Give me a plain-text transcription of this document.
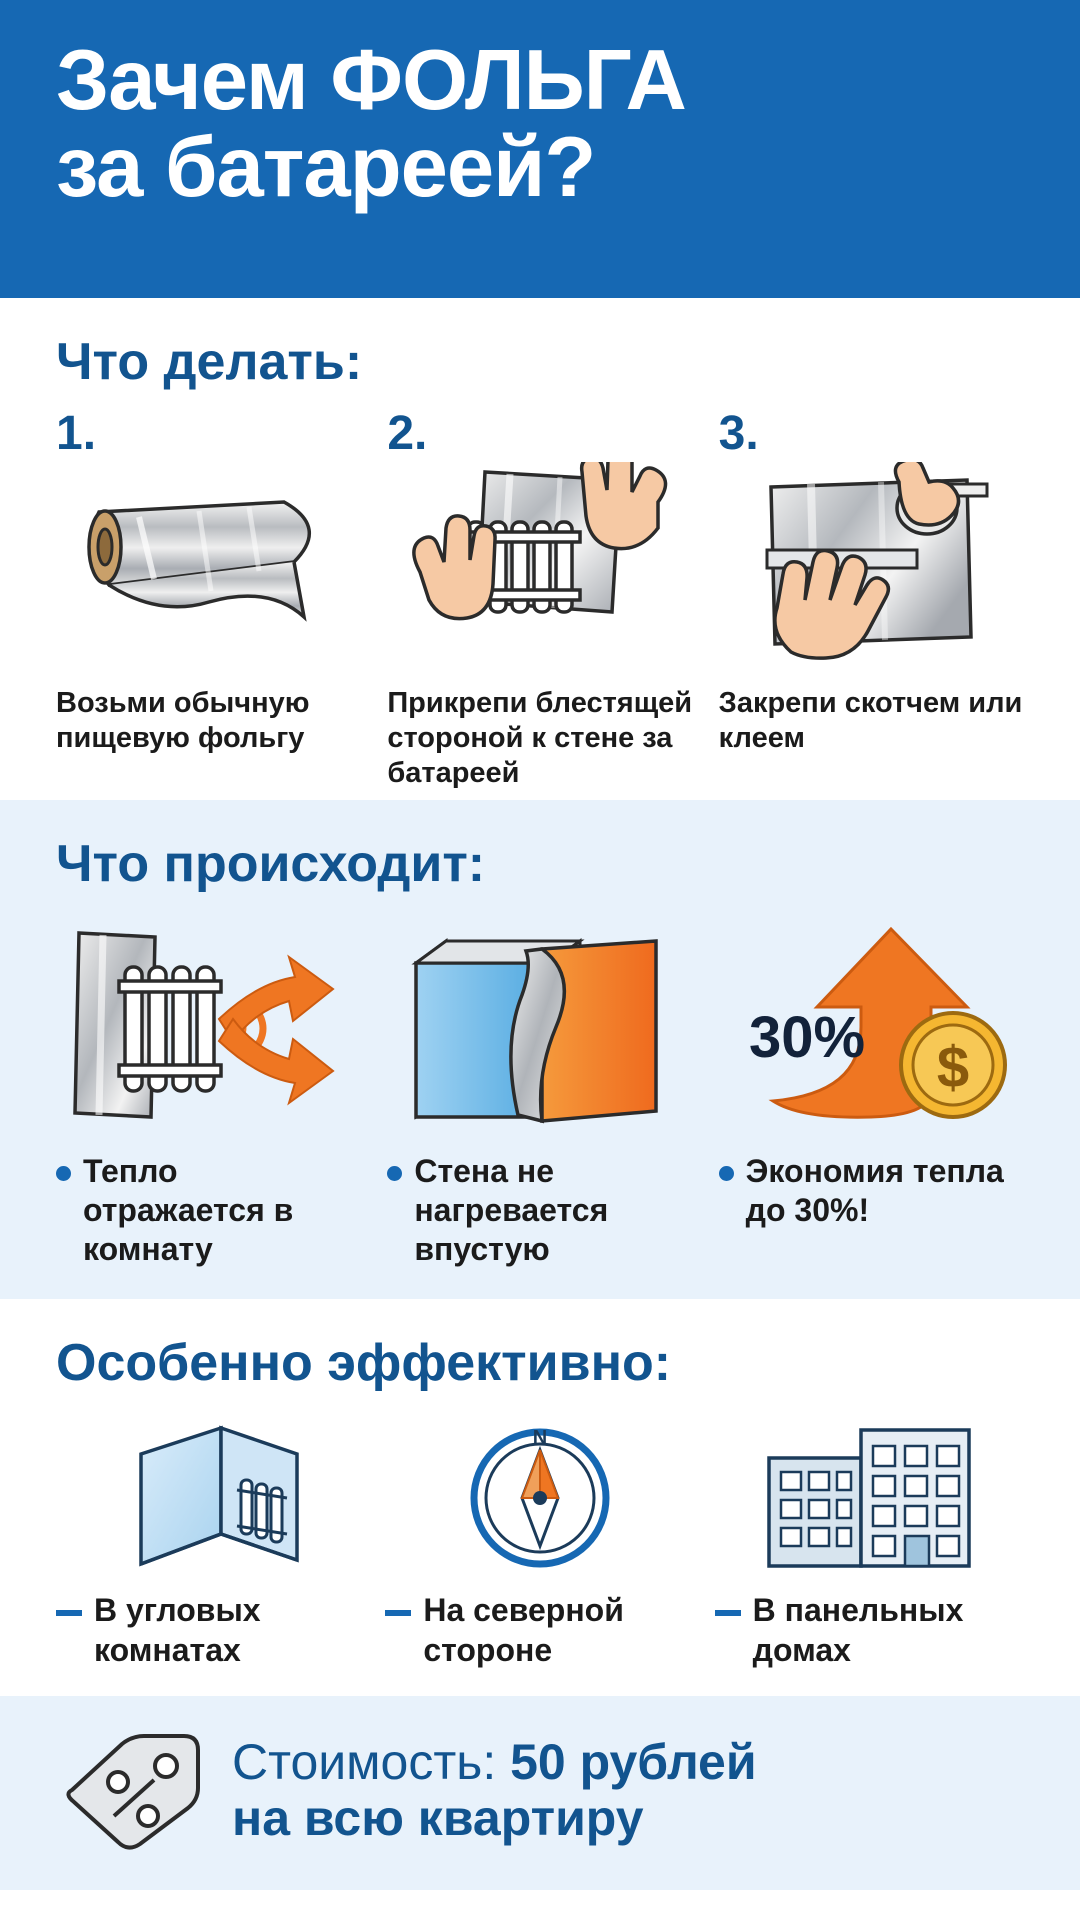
Зачем ФОЛЬГА
за батареей?
Что делать:
1.
Возьми обычную пищевую фольгу
2.
Прикрепи блестящей стороной к стене за батареей
3.
Закрепи скотчем или клеем
Что происходит:
Тепло отражается в комнату
Стена не нагревается впустую
$
30%
Экономия тепла до 30%!
Особенно эффективно:
В угловых комнатах
N
На северной стороне
В панельных домах
Стоимость: 50 рублей
на всю квартиру
